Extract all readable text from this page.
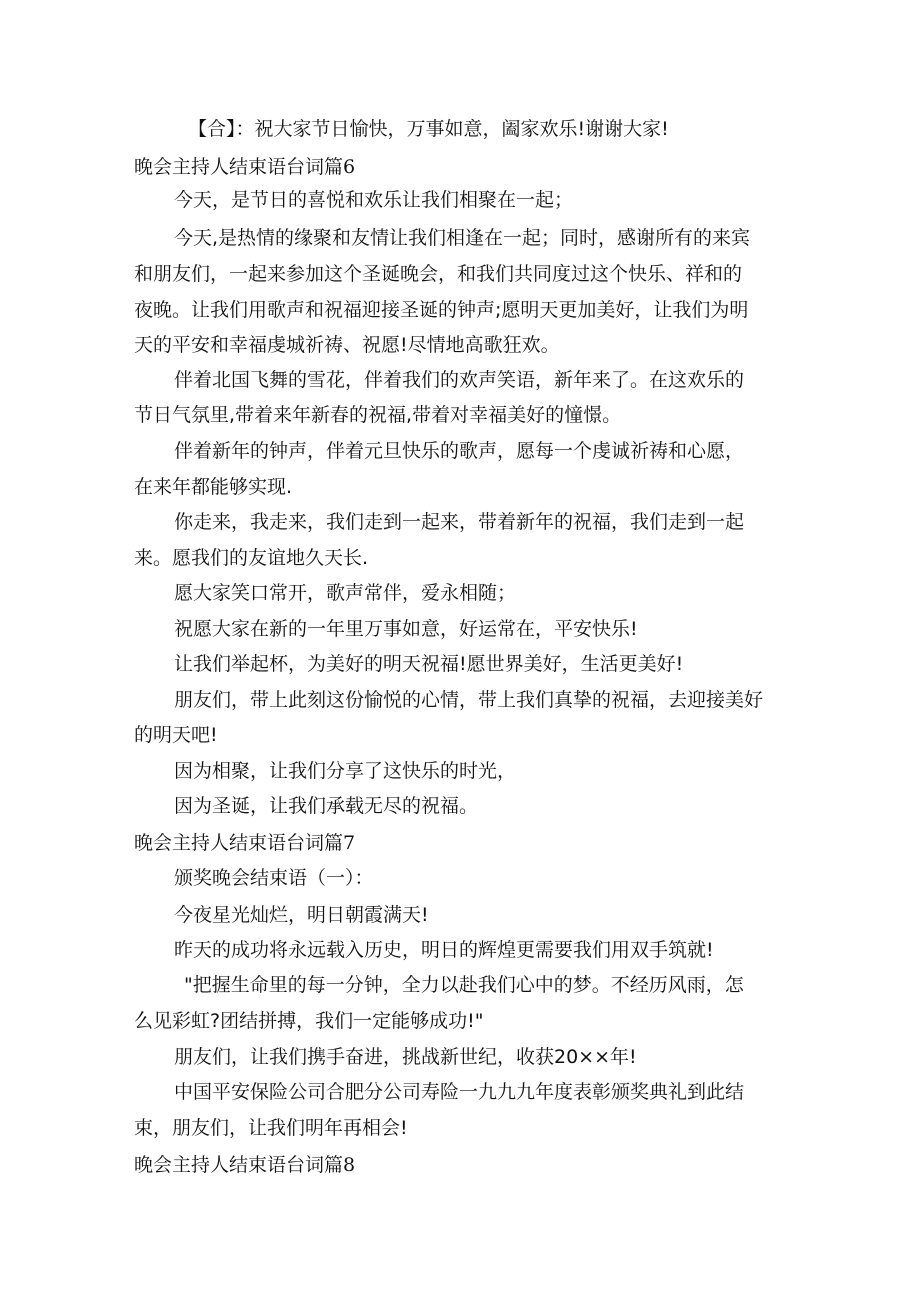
【合】：祝大家节日愉快，万事如意，阖家欢乐!谢谢大家!
晚会主持人结束语台词篇6
今天，是节日的喜悦和欢乐让我们相聚在一起；
今天,是热情的缘聚和友情让我们相逢在一起；同时，感谢所有的来宾
和朋友们，一起来参加这个圣诞晚会，和我们共同度过这个快乐、祥和的
夜晚。让我们用歌声和祝福迎接圣诞的钟声;愿明天更加美好，让我们为明
天的平安和幸福虔城祈祷、祝愿!尽情地高歌狂欢。
伴着北国飞舞的雪花，伴着我们的欢声笑语，新年来了。在这欢乐的
节日气氛里,带着来年新春的祝福,带着对幸福美好的憧憬。
伴着新年的钟声，伴着元旦快乐的歌声，愿每一个虔诚祈祷和心愿，
在来年都能够实现.
你走来，我走来，我们走到一起来，带着新年的祝福，我们走到一起
来。愿我们的友谊地久天长.
愿大家笑口常开，歌声常伴，爱永相随；
祝愿大家在新的一年里万事如意，好运常在，平安快乐!
让我们举起杯，为美好的明天祝福!愿世界美好，生活更美好!
朋友们，带上此刻这份愉悦的心情，带上我们真挚的祝福，去迎接美好
的明天吧!
因为相聚，让我们分享了这快乐的时光，
因为圣诞，让我们承载无尽的祝福。
晚会主持人结束语台词篇7
颁奖晚会结束语（一）：
今夜星光灿烂，明日朝霞满天!
昨天的成功将永远载入历史，明日的辉煌更需要我们用双手筑就!
"把握生命里的每一分钟，全力以赴我们心中的梦。不经历风雨，怎
么见彩虹?团结拼搏，我们一定能够成功!"
朋友们，让我们携手奋进，挑战新世纪，收获20××年!
中国平安保险公司合肥分公司寿险一九九九年度表彰颁奖典礼到此结
束，朋友们，让我们明年再相会!
晚会主持人结束语台词篇8
